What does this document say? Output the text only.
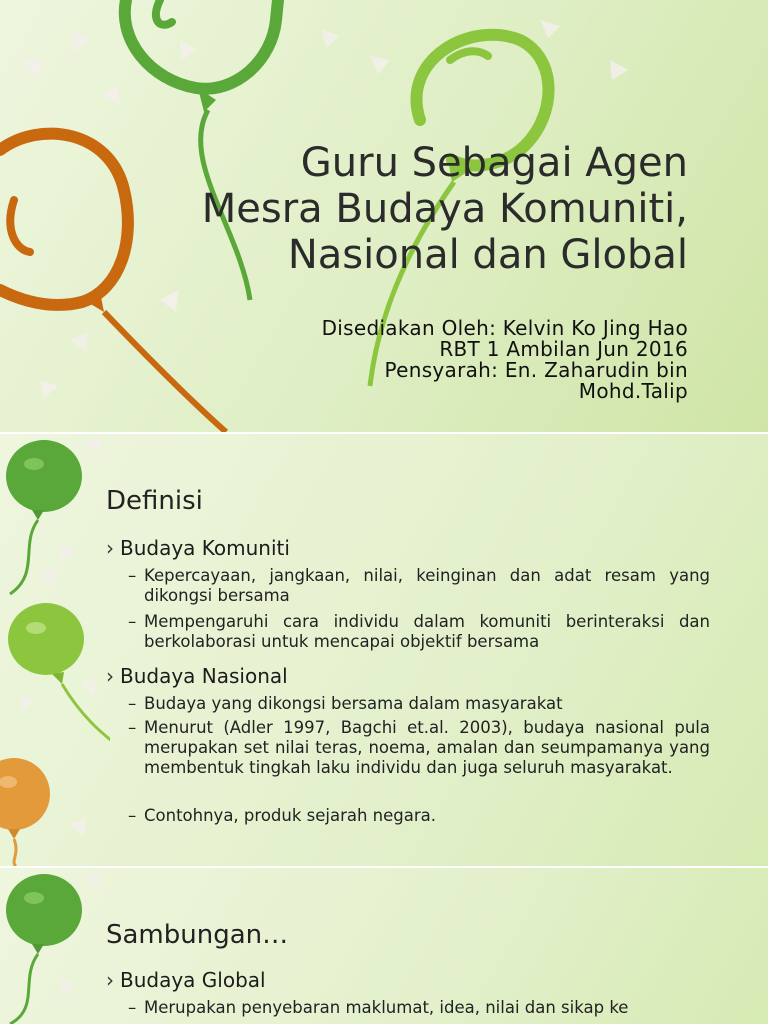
Guru Sebagai Agen
Mesra Budaya Komuniti,
Nasional dan Global
Disediakan Oleh: Kelvin Ko Jing Hao
RBT 1 Ambilan Jun 2016
Pensyarah: En. Zaharudin bin
Mohd.Talip
Definisi
› Budaya Komuniti
– Kepercayaan, jangkaan, nilai, keinginan dan adat resam yang dikongsi bersama
– Mempengaruhi cara individu dalam komuniti berinteraksi dan berkolaborasi untuk mencapai objektif bersama
› Budaya Nasional
– Budaya yang dikongsi bersama dalam masyarakat
– Menurut (Adler 1997, Bagchi et.al. 2003), budaya nasional pula merupakan set nilai teras, noema, amalan dan seumpamanya yang membentuk tingkah laku individu dan juga seluruh masyarakat.
– Contohnya, produk sejarah negara.
Sambungan…
› Budaya Global
– Merupakan penyebaran maklumat, idea, nilai dan sikap ke
